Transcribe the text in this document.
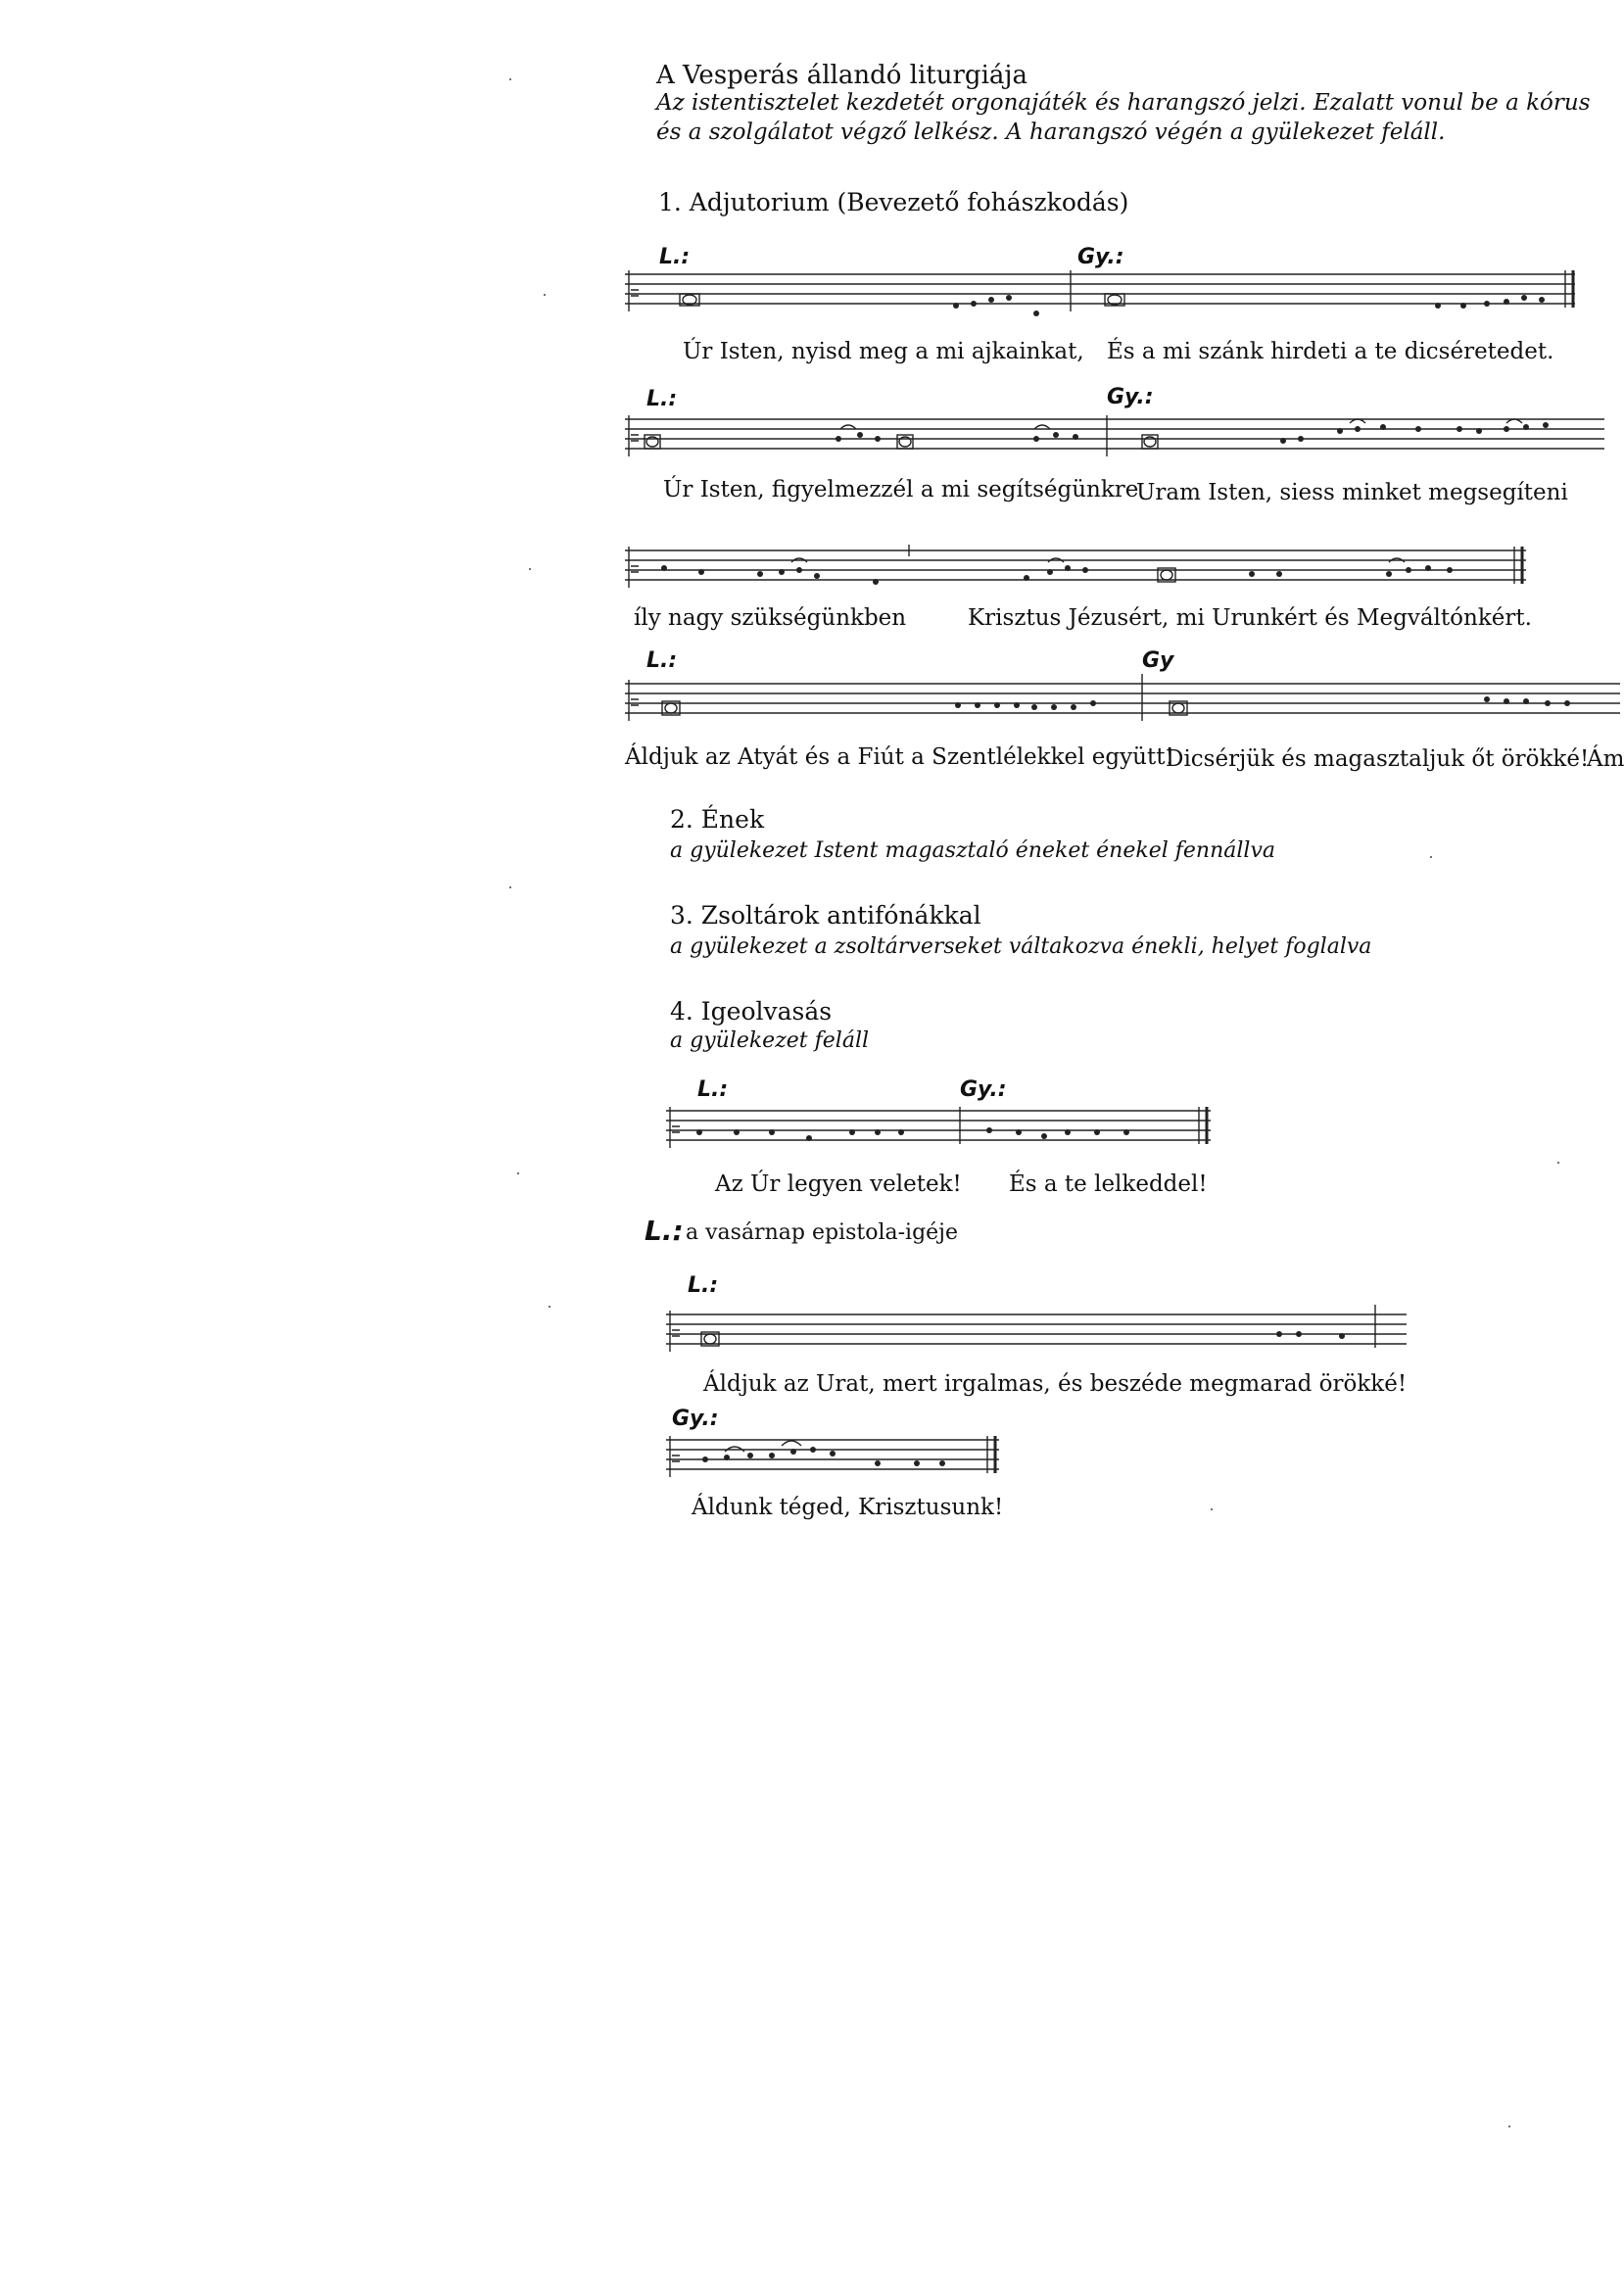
A Vesperás állandó liturgiája
Az istentisztelet kezdetét orgonajáték és harangszó jelzi. Ezalatt vonul be a kórus
és a szolgálatot végző lelkész. A harangszó végén a gyülekezet feláll.
1. Adjutorium (Bevezető fohászkodás)
L.:	Gy.:
Úr Isten, nyisd meg a mi ajkainkat, És a mi szánk hirdeti a te dicséretedet.
L.:	Gy.:
Úr Isten, figyelmezzél a mi segítségünkre
Uram Isten, siess minket megsegíteni
íly nagy szükségünkben	Krisztus Jézusért, mi Urunkért és Megváltónkért.
L.:	Gy
Áldjuk az Atyát és a Fiút a Szentlélekkel együtt!
Dicsérjük és magasztaljuk őt örökké!
Ám
2. Ének
a gyülekezet Istent magasztaló éneket énekel fennállva
3. Zsoltárok antifónákkal
a gyülekezet a zsoltárverseket váltakozva énekli, helyet foglalva
4. Igeolvasás
a gyülekezet feláll
L.:	Gy.:
Az Úr legyen veletek! És a te lelkeddel!
L.: a vasárnap epistola-igéje
L.:
Áldjuk az Urat, mert irgalmas, és beszéde megmarad örökké!
Gy.:
Áldunk téged, Krisztusunk!
